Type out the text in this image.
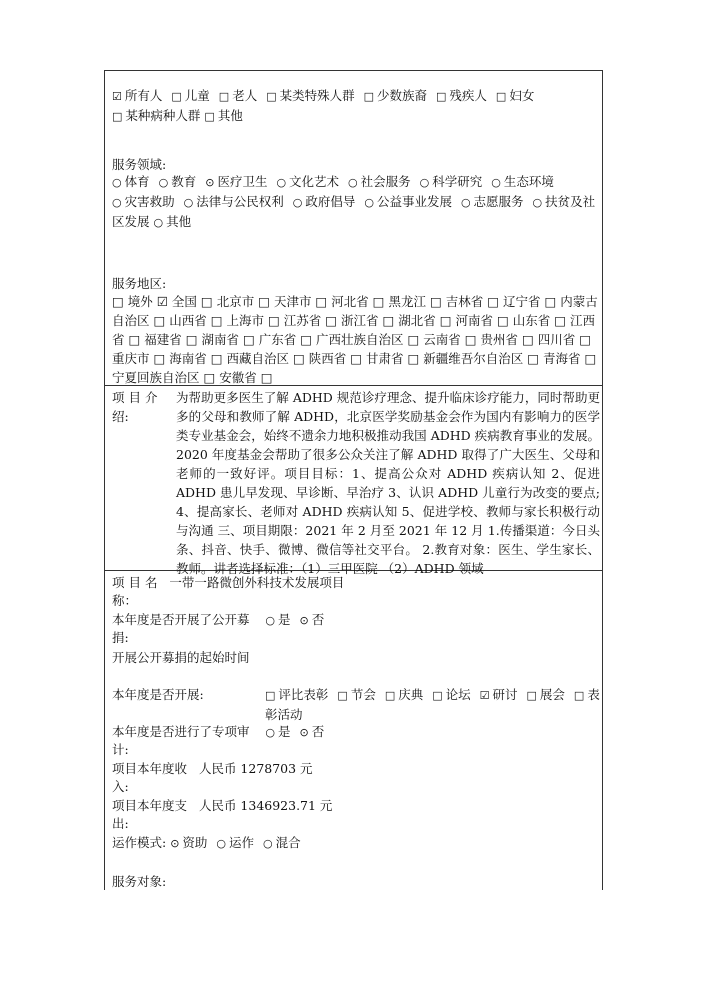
☑ 所有人 □ 儿童 □ 老人 □ 某类特殊人群 □ 少数族裔 □ 残疾人 □ 妇女 □ 某种病种人群 □ 其他
服务领域:
○ 体育 ○ 教育 ⊙ 医疗卫生 ○ 文化艺术 ○ 社会服务 ○ 科学研究 ○ 生态环境 ○ 灾害救助 ○ 法律与公民权利 ○ 政府倡导 ○ 公益事业发展 ○ 志愿服务 ○ 扶贫及社区发展 ○ 其他
服务地区:
□ 境外 ☑ 全国 □ 北京市 □ 天津市 □ 河北省 □ 黑龙江 □ 吉林省 □ 辽宁省 □ 内蒙古自治区 □ 山西省 □ 上海市 □ 江苏省 □ 浙江省 □ 湖北省 □ 河南省 □ 山东省 □ 江西省 □ 福建省 □ 湖南省 □ 广东省 □ 广西壮族自治区 □ 云南省 □ 贵州省 □ 四川省 □ 重庆市 □ 海南省 □ 西藏自治区 □ 陕西省 □ 甘肃省 □ 新疆维吾尔自治区 □ 青海省 □ 宁夏回族自治区 □ 安徽省 □
项 目 介
绍:
为帮助更多医生了解 ADHD 规范诊疗理念、提升临床诊疗能力，同时帮助更多的父母和教师了解 ADHD，北京医学奖励基金会作为国内有影响力的医学类专业基金会，始终不遗余力地积极推动我国 ADHD 疾病教育事业的发展。2020 年度基金会帮助了很多公众关注了解 ADHD 取得了广大医生、父母和老师的一致好评。项目目标：1、提高公众对 ADHD 疾病认知 2、促进 ADHD 患儿早发现、早诊断、早治疗 3、认识 ADHD 儿童行为改变的要点; 4、提高家长、老师对 ADHD 疾病认知 5、促进学校、教师与家长积极行动与沟通 三、项目期限：2021 年 2 月至 2021 年 12 月 1.传播渠道：今日头条、抖音、快手、微博、微信等社交平台。 2.教育对象：医生、学生家长、教师。讲者选择标准：（1）三甲医院 （2）ADHD 领域
项 目 名 一带一路微创外科技术发展项目
称：
本年度是否开展了公开募 ○ 是 ⊙ 否
捐:
开展公开募捐的起始时间
本年度是否开展:	□ 评比表彰 □ 节会 □ 庆典 □ 论坛 ☑ 研讨 □ 展会 □ 表彰活动
本年度是否进行了专项审 ○ 是 ⊙ 否
计:
项目本年度收 人民币 1278703 元
入:
项目本年度支 人民币 1346923.71 元
出:
运作模式: ⊙ 资助 ○ 运作 ○ 混合
服务对象:
